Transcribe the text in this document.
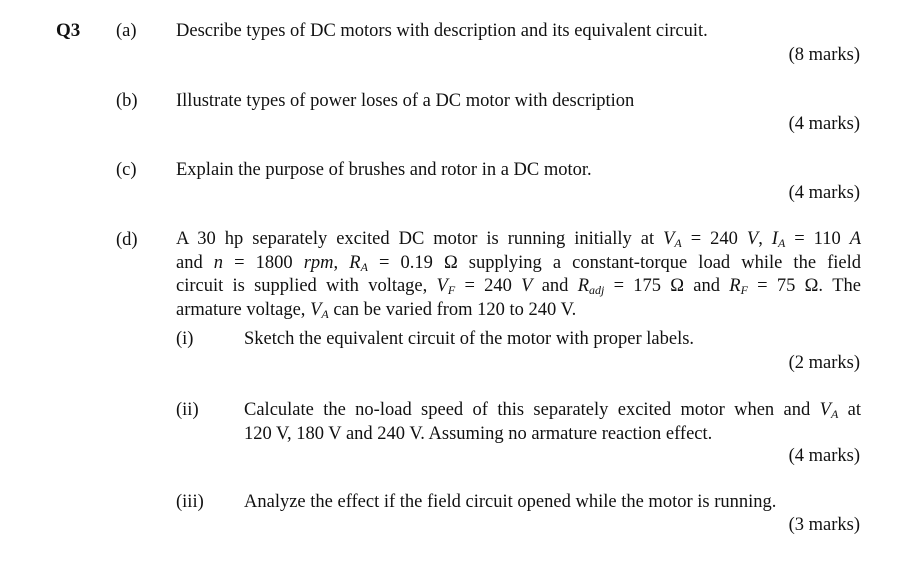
Q3 (a) Describe types of DC motors with description and its equivalent circuit.
(8 marks)
(b) Illustrate types of power loses of a DC motor with description
(4 marks)
(c) Explain the purpose of brushes and rotor in a DC motor.
(4 marks)
(d) A 30 hp separately excited DC motor is running initially at $V_A = 240$ V, $I_A = 110$ A
and n = 1800 rpm, $R_A = 0.19$ Ω supplying a constant-torque load while the field
circuit is supplied with voltage, $V_F = 240$ V and $R_{adj} = 175$ Ω and $R_F = 75$ Ω. The
armature voltage, $V_A$ can be varied from 120 to 240 V.
(i)	Sketch the equivalent circuit of the motor with proper labels.
(2 marks)
(ii) Calculate the no-load speed of this separately excited motor when and $V_A$ at
120 V, 180 V and 240 V. Assuming no armature reaction effect.
(4 marks)
(iii) Analyze the effect if the field circuit opened while the motor is running.
(3 marks)
